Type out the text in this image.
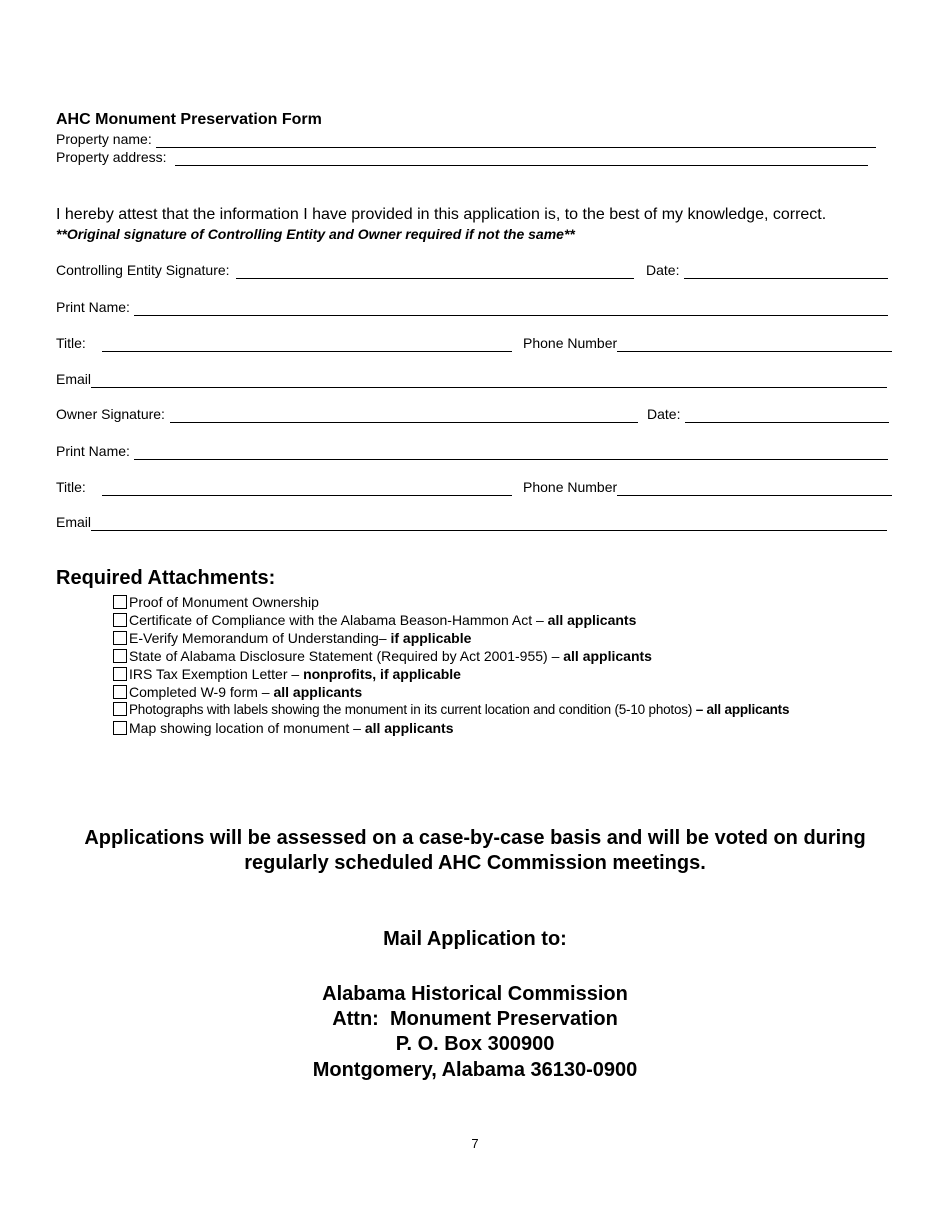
AHC Monument Preservation Form
Property name:
Property address:
I hereby attest that the information I have provided in this application is, to the best of my knowledge, correct.
**Original signature of Controlling Entity and Owner required if not the same**
Controlling Entity Signature:	Date:
Print Name:
Title:	Phone Number
Email
Owner Signature:	Date:
Print Name:
Title:	Phone Number
Email
Required Attachments:
Proof of Monument Ownership
Certificate of Compliance with the Alabama Beason-Hammon Act – all applicants
E-Verify Memorandum of Understanding– if applicable
State of Alabama Disclosure Statement (Required by Act 2001-955) – all applicants
IRS Tax Exemption Letter – nonprofits, if applicable
Completed W-9 form – all applicants
Photographs with labels showing the monument in its current location and condition (5-10 photos) – all applicants
Map showing location of monument – all applicants
Applications will be assessed on a case-by-case basis and will be voted on during
regularly scheduled AHC Commission meetings.
Mail Application to:
Alabama Historical Commission
Attn:  Monument Preservation
P. O. Box 300900
Montgomery, Alabama 36130-0900
7
